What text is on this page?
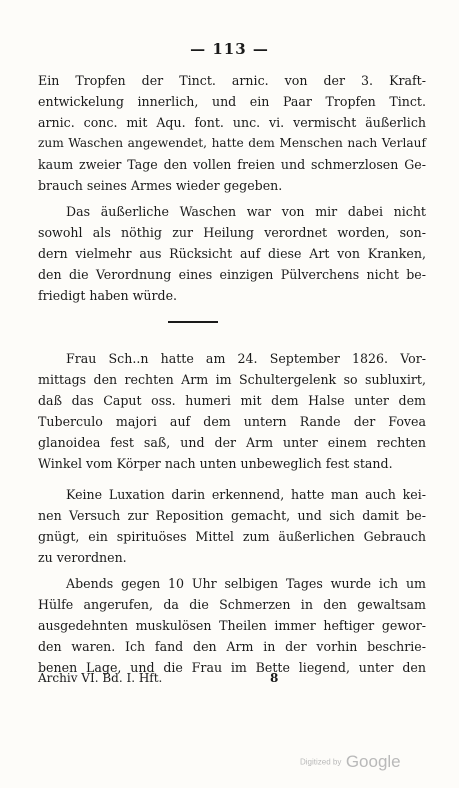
— 113 —
Ein Tropfen der Tinct. arnic. von der 3. Kraft-
entwickelung innerlich, und ein Paar Tropfen Tinct.
arnic. conc. mit Aqu. font. unc. vi. vermischt äußerlich
zum Waschen angewendet, hatte dem Menschen nach Verlauf
kaum zweier Tage den vollen freien und schmerzlosen Ge-
brauch seines Armes wieder gegeben.
Das äußerliche Waschen war von mir dabei nicht
sowohl als nöthig zur Heilung verordnet worden, son-
dern vielmehr aus Rücksicht auf diese Art von Kranken,
den die Verordnung eines einzigen Pülverchens nicht be-
friedigt haben würde.
Frau Sch..n hatte am 24. September 1826. Vor-
mittags den rechten Arm im Schultergelenk so subluxirt,
daß das Caput oss. humeri mit dem Halse unter dem
Tuberculo majori auf dem untern Rande der Fovea
glanoidea fest saß, und der Arm unter einem rechten
Winkel vom Körper nach unten unbeweglich fest stand.
Keine Luxation darin erkennend, hatte man auch kei-
nen Versuch zur Reposition gemacht, und sich damit be-
gnügt, ein spirituöses Mittel zum äußerlichen Gebrauch
zu verordnen.
Abends gegen 10 Uhr selbigen Tages wurde ich um
Hülfe angerufen, da die Schmerzen in den gewaltsam
ausgedehnten muskulösen Theilen immer heftiger gewor-
den waren. Ich fand den Arm in der vorhin beschrie-
benen Lage, und die Frau im Bette liegend, unter den
Archiv VI. Bd. I. Hft.	8
Digitized by Google
